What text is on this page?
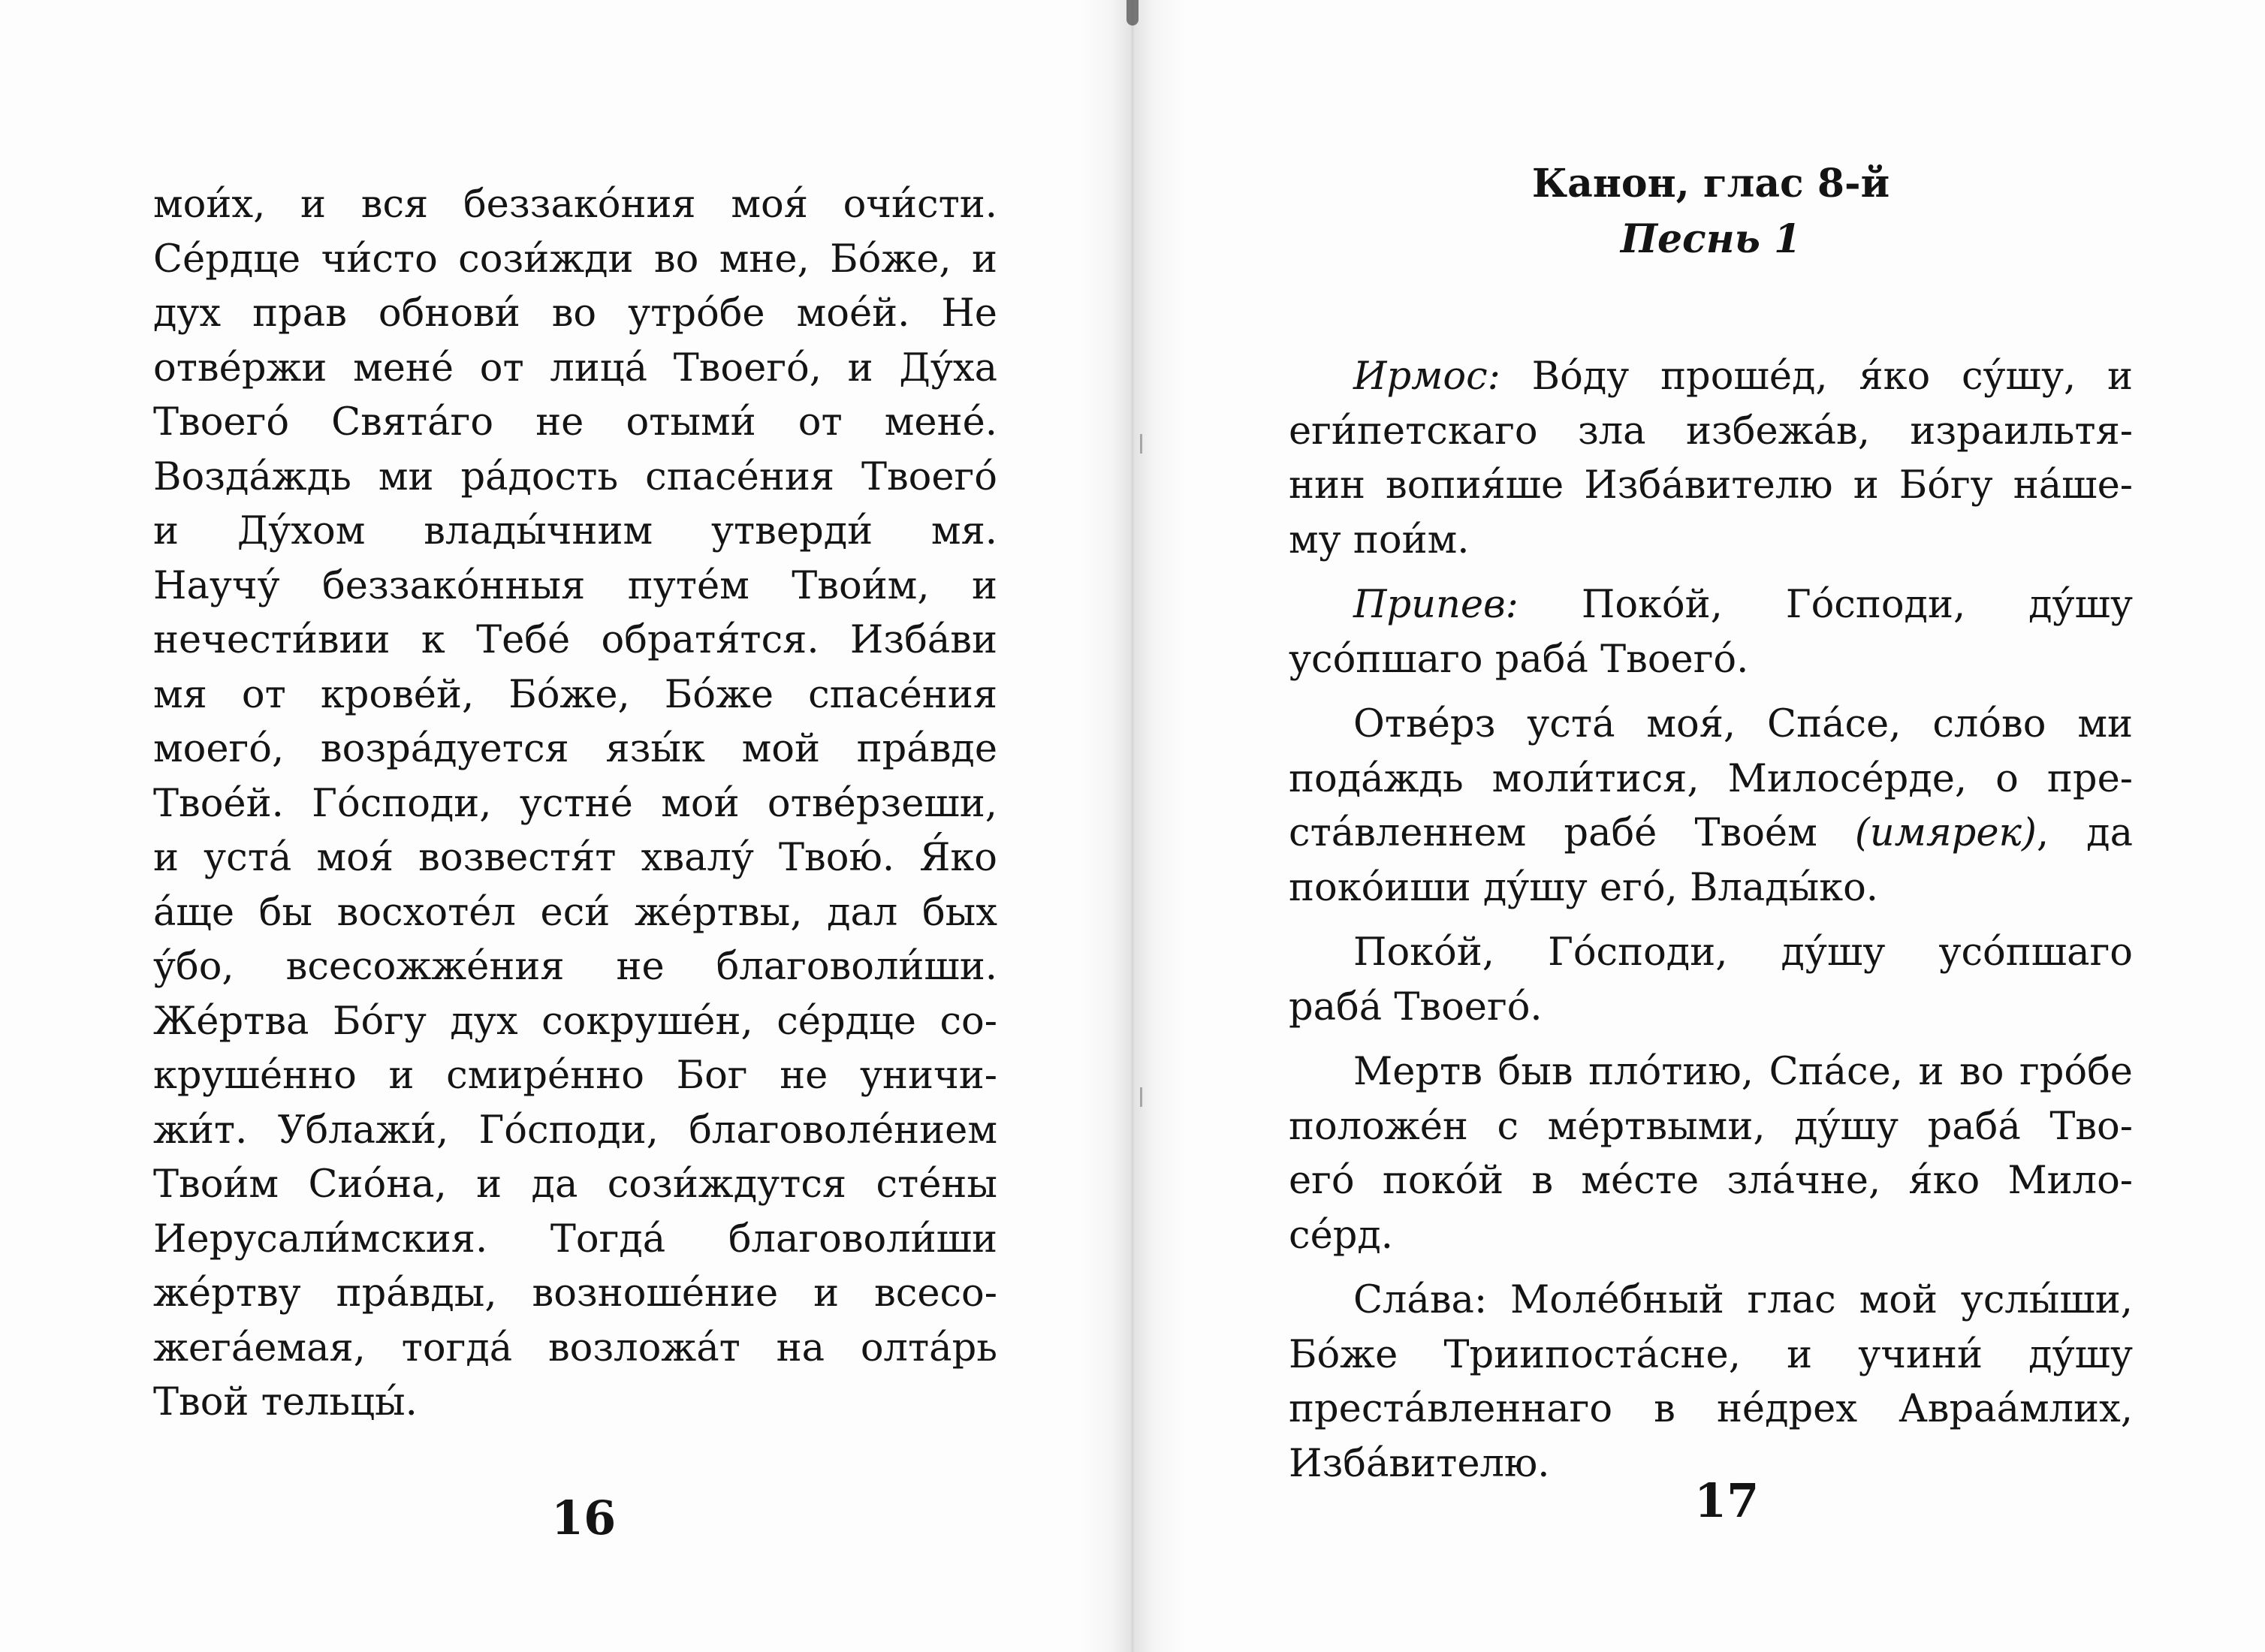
мои́х, и вся беззако́ния моя́ очи́сти.
Се́рдце чи́сто сози́жди во мне, Бо́же, и
дух прав обнови́ во утро́бе мое́й. Не
отве́ржи мене́ от лица́ Твоего́, и Ду́ха
Твоего́ Свята́го не отыми́ от мене́.
Возда́ждь ми ра́дость спасе́ния Твоего́
и Ду́хом влады́чним утверди́ мя.
Научу́ беззако́нныя путе́м Твои́м, и
нечести́вии к Тебе́ обратя́тся. Изба́ви
мя от крове́й, Бо́же, Бо́же спасе́ния
моего́, возра́дуется язы́к мой пра́вде
Твое́й. Го́споди, устне́ мои́ отве́рзеши,
и уста́ моя́ возвестя́т хвалу́ Твою́. Я́ко
а́ще бы восхоте́л еси́ же́ртвы, дал бых
у́бо, всесожже́ния не благоволи́ши.
Же́ртва Бо́гу дух сокруше́н, се́рдце со-
круше́нно и смире́нно Бог не уничи-
жи́т. Ублажи́, Го́споди, благоволе́нием
Твои́м Сио́на, и да сози́ждутся сте́ны
Иерусали́мския. Тогда́ благоволи́ши
же́ртву пра́вды, возноше́ние и всесо-
жега́емая, тогда́ возложа́т на олта́рь
Твой тельцы́.
16
Канон, глас 8-й
Песнь 1
Ирмос: Во́ду проше́д, я́ко су́шу, и
еги́петскаго зла избежа́в, израильтя-
нин вопия́ше Изба́вителю и Бо́гу на́ше-
му пои́м.
Припев: Поко́й, Го́споди, ду́шу
усо́пшаго раба́ Твоего́.
Отве́рз уста́ моя́, Спа́се, сло́во ми
пода́ждь моли́тися, Милосе́рде, о пре-
ста́вленнем рабе́ Твое́м (имярек), да
поко́иши ду́шу его́, Влады́ко.
Поко́й, Го́споди, ду́шу усо́пшаго
раба́ Твоего́.
Мертв быв пло́тию, Спа́се, и во гро́бе
положе́н с ме́ртвыми, ду́шу раба́ Тво-
его́ поко́й в ме́сте зла́чне, я́ко Мило-
се́рд.
Сла́ва: Моле́бный глас мой услы́ши,
Бо́же Триипоста́сне, и учини́ ду́шу
преста́вленнаго в не́дрех Авраа́млих,
Изба́вителю.
17
